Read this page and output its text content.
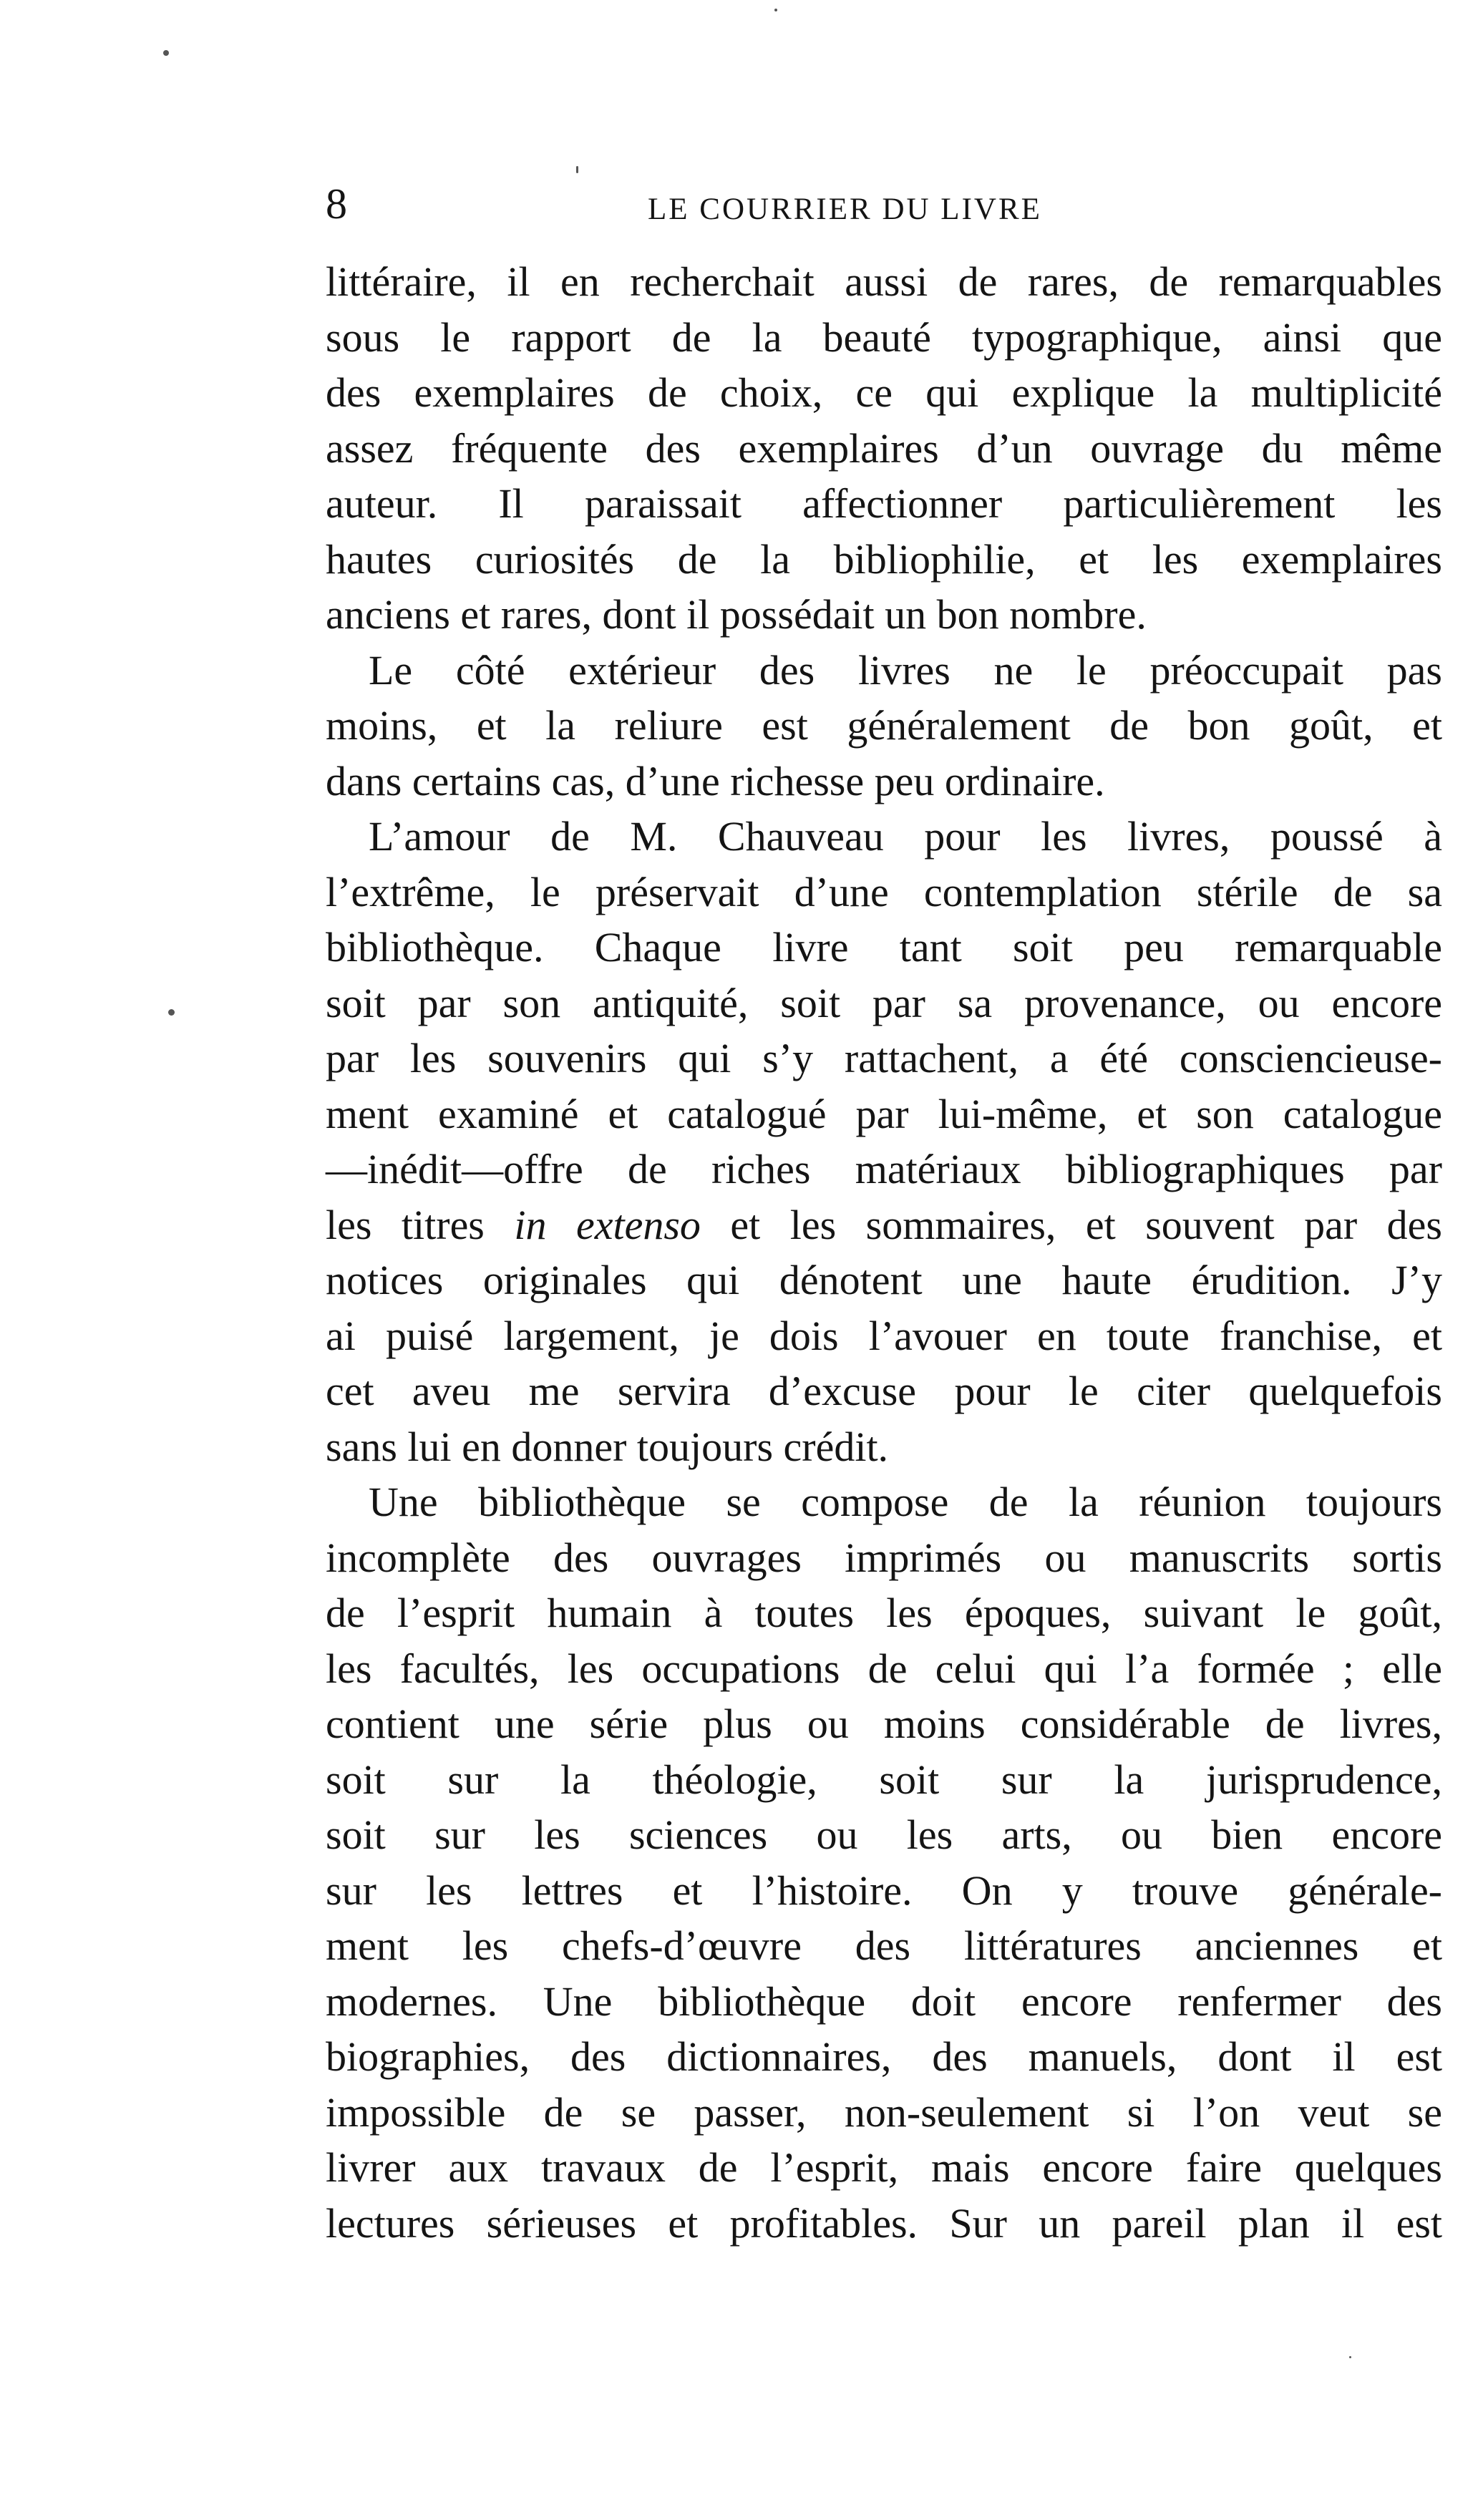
8	LE COURRIER DU LIVRE
littéraire, il en recherchait aussi de rares, de remarquables
sous le rapport de la beauté typographique, ainsi que
des exemplaires de choix, ce qui explique la multiplicité
assez fréquente des exemplaires d’un ouvrage du même
auteur. Il paraissait affectionner particulièrement les
hautes curiosités de la bibliophilie, et les exemplaires
anciens et rares, dont il possédait un bon nombre.
Le côté extérieur des livres ne le préoccupait pas
moins, et la reliure est généralement de bon goût, et
dans certains cas, d’une richesse peu ordinaire.
L’amour de M. Chauveau pour les livres, poussé à
l’extrême, le préservait d’une contemplation stérile de sa
bibliothèque. Chaque livre tant soit peu remarquable
soit par son antiquité, soit par sa provenance, ou encore
par les souvenirs qui s’y rattachent, a été consciencieuse-
ment examiné et catalogué par lui-même, et son catalogue
—inédit—offre de riches matériaux bibliographiques par
les titres in extenso et les sommaires, et souvent par des
notices originales qui dénotent une haute érudition. J’y
ai puisé largement, je dois l’avouer en toute franchise, et
cet aveu me servira d’excuse pour le citer quelquefois
sans lui en donner toujours crédit.
Une bibliothèque se compose de la réunion toujours
incomplète des ouvrages imprimés ou manuscrits sortis
de l’esprit humain à toutes les époques, suivant le goût,
les facultés, les occupations de celui qui l’a formée ; elle
contient une série plus ou moins considérable de livres,
soit sur la théologie, soit sur la jurisprudence,
soit sur les sciences ou les arts, ou bien encore
sur les lettres et l’histoire. On y trouve générale-
ment les chefs-d’œuvre des littératures anciennes et
modernes. Une bibliothèque doit encore renfermer des
biographies, des dictionnaires, des manuels, dont il est
impossible de se passer, non-seulement si l’on veut se
livrer aux travaux de l’esprit, mais encore faire quelques
lectures sérieuses et profitables. Sur un pareil plan il est
